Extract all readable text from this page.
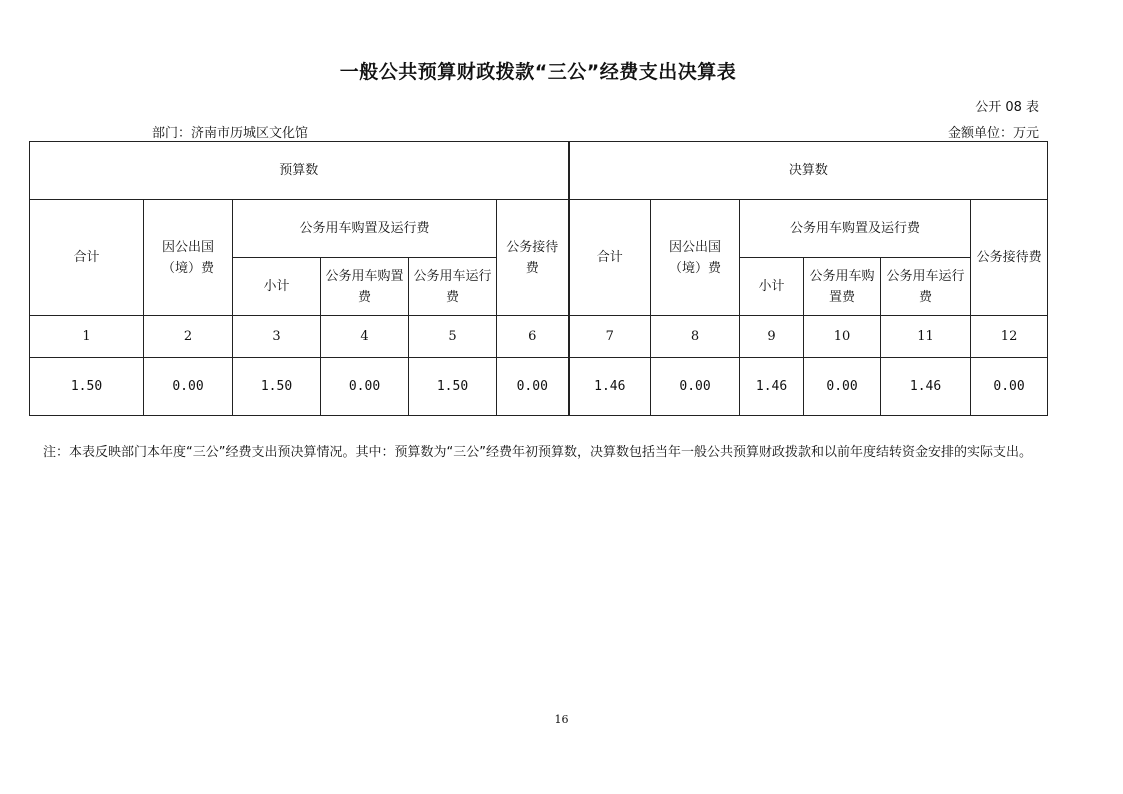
一般公共预算财政拨款“三公”经费支出决算表
公开 08 表
部门：济南市历城区文化馆	金额单位：万元
预算数						决算数					
合计	因公出国（境）费	公务用车购置及运行费			公务接待费	合计	因公出国（境）费	公务用车购置及运行费			公务接待费
		小计	公务用车购置费	公务用车运行费				小计	公务用车购置费	公务用车运行费	
1	2	3	4	5	6	7	8	9	10	11	12
1.50	0.00	1.50	0.00	1.50	0.00	1.46	0.00	1.46	0.00	1.46	0.00
注：本表反映部门本年度“三公”经费支出预决算情况。其中：预算数为“三公”经费年初预算数，决算数包括当年一般公共预算财政拨款和以前年度结转资金安排的实际支出。
16
